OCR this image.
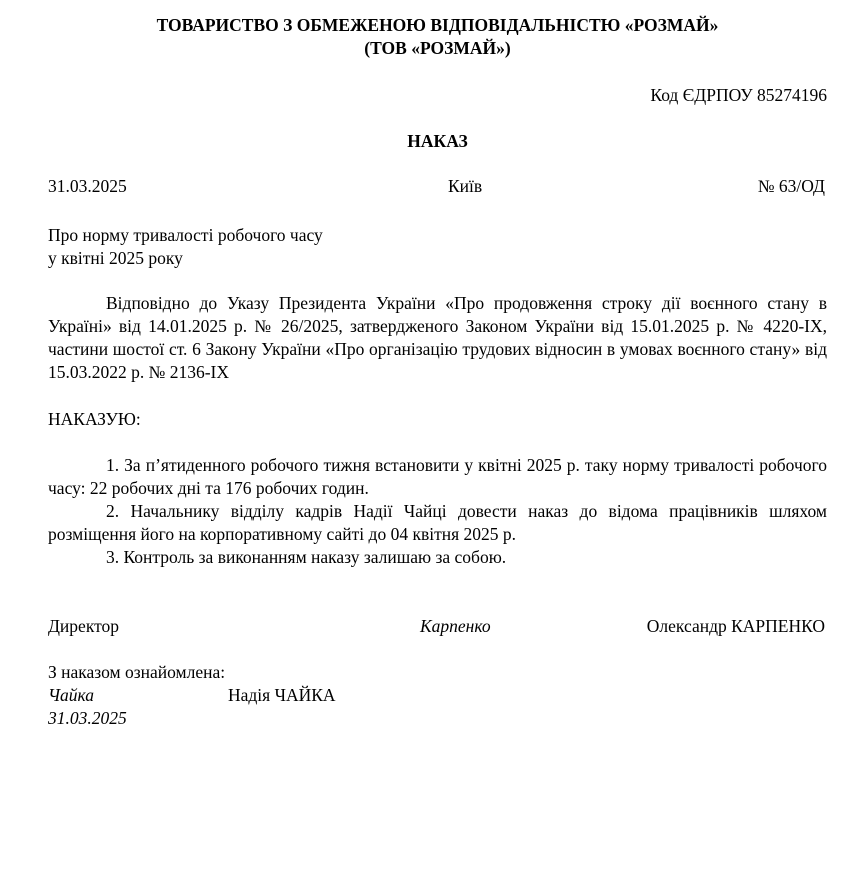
ТОВАРИСТВО З ОБМЕЖЕНОЮ ВІДПОВІДАЛЬНІСТЮ «РОЗМАЙ»
(ТОВ «РОЗМАЙ»)
Код ЄДРПОУ 85274196
НАКАЗ
31.03.2025	Київ	№ 63/ОД
Про норму тривалості робочого часу
у квітні 2025 року
Відповідно до Указу Президента України «Про продовження строку дії воєнного стану в Україні» від 14.01.2025 р. № 26/2025, затвердженого Законом України від 15.01.2025 р. № 4220-IX, частини шостої ст. 6 Закону України «Про організацію трудових відносин в умовах воєнного стану» від 15.03.2022 р. № 2136-IX
НАКАЗУЮ:
1. За п’ятиденного робочого тижня встановити у квітні 2025 р. таку норму тривалості робочого часу: 22 робочих дні та 176 робочих годин.
2. Начальнику відділу кадрів Надії Чайці довести наказ до відома працівників шляхом розміщення його на корпоративному сайті до 04 квітня 2025 р.
3. Контроль за виконанням наказу залишаю за собою.
Директор	Карпенко	Олександр КАРПЕНКО
З наказом ознайомлена:
Чайка	Надія ЧАЙКА
31.03.2025
